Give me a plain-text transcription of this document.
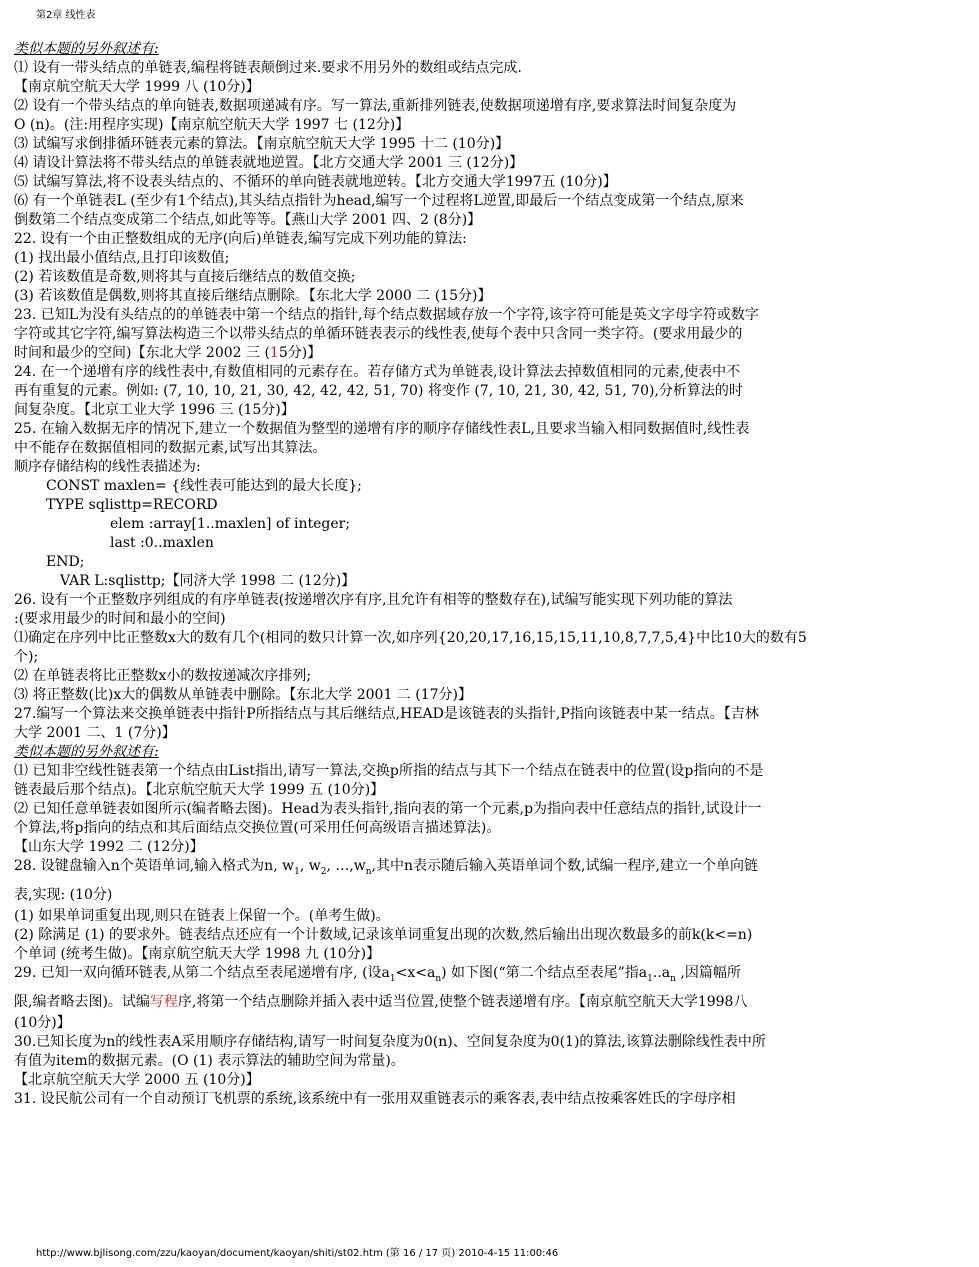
第2章 线性表
类似本题的另外叙述有:
⑴ 设有一带头结点的单链表,编程将链表颠倒过来.要求不用另外的数组或结点完成.
【南京航空航天大学 1999 八 (10分)】
⑵ 设有一个带头结点的单向链表,数据项递减有序。写一算法,重新排列链表,使数据项递增有序,要求算法时间复杂度为
O (n)。(注:用程序实现)【南京航空航天大学 1997 七 (12分)】
⑶ 试编写求倒排循环链表元素的算法。【南京航空航天大学 1995 十二 (10分)】
⑷ 请设计算法将不带头结点的单链表就地逆置。【北方交通大学 2001 三 (12分)】
⑸ 试编写算法,将不设表头结点的、不循环的单向链表就地逆转。【北方交通大学1997五 (10分)】
⑹ 有一个单链表L (至少有1个结点),其头结点指针为head,编写一个过程将L逆置,即最后一个结点变成第一个结点,原来
倒数第二个结点变成第二个结点,如此等等。【燕山大学 2001 四、2 (8分)】
22. 设有一个由正整数组成的无序(向后)单链表,编写完成下列功能的算法:
(1) 找出最小值结点,且打印该数值;
(2) 若该数值是奇数,则将其与直接后继结点的数值交换;
(3) 若该数值是偶数,则将其直接后继结点删除。【东北大学 2000 二 (15分)】
23. 已知L为没有头结点的的单链表中第一个结点的指针,每个结点数据域存放一个字符,该字符可能是英文字母字符或数字
字符或其它字符,编写算法构造三个以带头结点的单循环链表表示的线性表,使每个表中只含同一类字符。(要求用最少的
时间和最少的空间)【东北大学 2002 三 (15分)】
24. 在一个递增有序的线性表中,有数值相同的元素存在。若存储方式为单链表,设计算法去掉数值相同的元素,使表中不
再有重复的元素。例如: (7, 10, 10, 21, 30, 42, 42, 42, 51, 70) 将变作 (7, 10, 21, 30, 42, 51, 70),分析算法的时
间复杂度。【北京工业大学 1996 三 (15分)】
25. 在输入数据无序的情况下,建立一个数据值为整型的递增有序的顺序存储线性表L,且要求当输入相同数据值时,线性表
中不能存在数据值相同的数据元素,试写出其算法。
顺序存储结构的线性表描述为:
CONST maxlen= {线性表可能达到的最大长度};
TYPE sqlisttp=RECORD
elem :array[1..maxlen] of integer;
last :0..maxlen
END;
VAR L:sqlisttp;【同济大学 1998 二 (12分)】
26. 设有一个正整数序列组成的有序单链表(按递增次序有序,且允许有相等的整数存在),试编写能实现下列功能的算法
:(要求用最少的时间和最小的空间)
⑴确定在序列中比正整数x大的数有几个(相同的数只计算一次,如序列{20,20,17,16,15,15,11,10,8,7,7,5,4}中比10大的数有5
个);
⑵ 在单链表将比正整数x小的数按递减次序排列;
⑶ 将正整数(比)x大的偶数从单链表中删除。【东北大学 2001 二 (17分)】
27.编写一个算法来交换单链表中指针P所指结点与其后继结点,HEAD是该链表的头指针,P指向该链表中某一结点。【吉林
大学 2001 二、1 (7分)】
类似本题的另外叙述有:
⑴ 已知非空线性链表第一个结点由List指出,请写一算法,交换p所指的结点与其下一个结点在链表中的位置(设p指向的不是
链表最后那个结点)。【北京航空航天大学 1999 五 (10分)】
⑵ 已知任意单链表如图所示(编者略去图)。Head为表头指针,指向表的第一个元素,p为指向表中任意结点的指针,试设计一
个算法,将p指向的结点和其后面结点交换位置(可采用任何高级语言描述算法)。
【山东大学 1992 二 (12分)】
28. 设键盘输入n个英语单词,输入格式为n, $w_1$, $w_2$, $\dots,w_n$,其中n表示随后输入英语单词个数,试编一程序,建立一个单向链
表,实现: (10分)
(1) 如果单词重复出现,则只在链表上保留一个。(单考生做)。
(2) 除满足 (1) 的要求外。链表结点还应有一个计数域,记录该单词重复出现的次数,然后输出出现次数最多的前k(k<=n)
个单词 (统考生做)。【南京航空航天大学 1998 九 (10分)】
29. 已知一双向循环链表,从第二个结点至表尾递增有序, (设$a_1<x<a_n$) 如下图(“第二个结点至表尾”指$a_1..a_n$ ,因篇幅所
限,编者略去图)。试编写程序,将第一个结点删除并插入表中适当位置,使整个链表递增有序。【南京航空航天大学1998八
(10分)】
30.已知长度为n的线性表A采用顺序存储结构,请写一时间复杂度为0(n)、空间复杂度为0(1)的算法,该算法删除线性表中所
有值为item的数据元素。(O (1) 表示算法的辅助空间为常量)。
【北京航空航天大学 2000 五 (10分)】
31. 设民航公司有一个自动预订飞机票的系统,该系统中有一张用双重链表示的乘客表,表中结点按乘客姓氏的字母序相
http://www.bjlisong.com/zzu/kaoyan/document/kaoyan/shiti/st02.htm (第 16 / 17 页) 2010-4-15 11:00:46
